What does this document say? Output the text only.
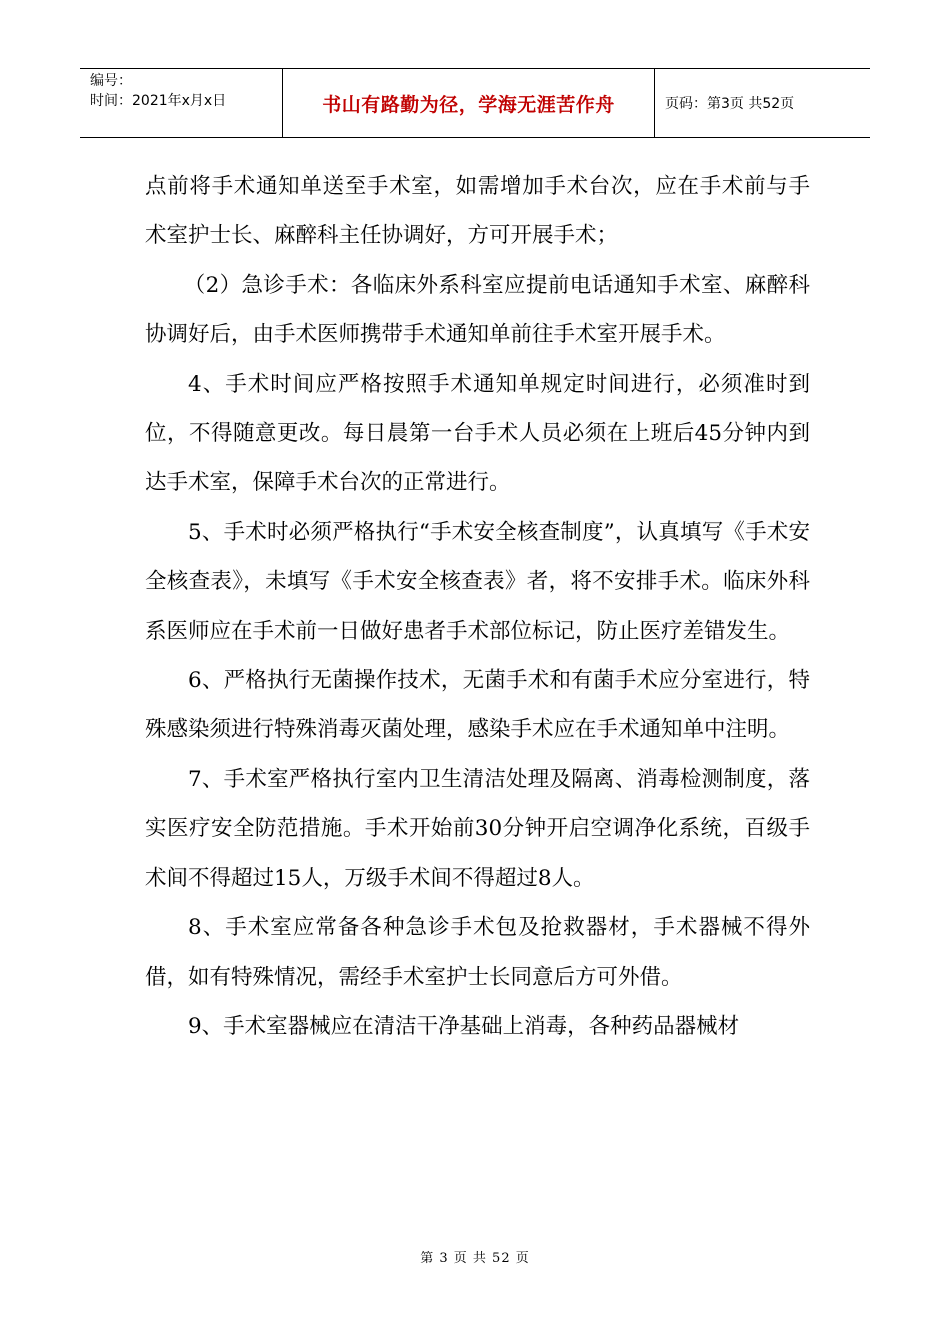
编号：
时间：2021年x月x日	书山有路勤为径，学海无涯苦作舟	页码：第3页 共52页

点前将手术通知单送至手术室，如需增加手术台次，应在手术前与手术室护士长、麻醉科主任协调好，方可开展手术；

（2）急诊手术：各临床外系科室应提前电话通知手术室、麻醉科协调好后，由手术医师携带手术通知单前往手术室开展手术。

4、手术时间应严格按照手术通知单规定时间进行，必须准时到位，不得随意更改。每日晨第一台手术人员必须在上班后45分钟内到达手术室，保障手术台次的正常进行。

5、手术时必须严格执行“手术安全核查制度”，认真填写《手术安全核查表》，未填写《手术安全核查表》者，将不安排手术。临床外科系医师应在手术前一日做好患者手术部位标记，防止医疗差错发生。

6、严格执行无菌操作技术，无菌手术和有菌手术应分室进行，特殊感染须进行特殊消毒灭菌处理，感染手术应在手术通知单中注明。

7、手术室严格执行室内卫生清洁处理及隔离、消毒检测制度，落实医疗安全防范措施。手术开始前30分钟开启空调净化系统，百级手术间不得超过15人，万级手术间不得超过8人。

8、手术室应常备各种急诊手术包及抢救器材，手术器械不得外借，如有特殊情况，需经手术室护士长同意后方可外借。

9、手术室器械应在清洁干净基础上消毒，各种药品器械材

第 3 页 共 52 页
